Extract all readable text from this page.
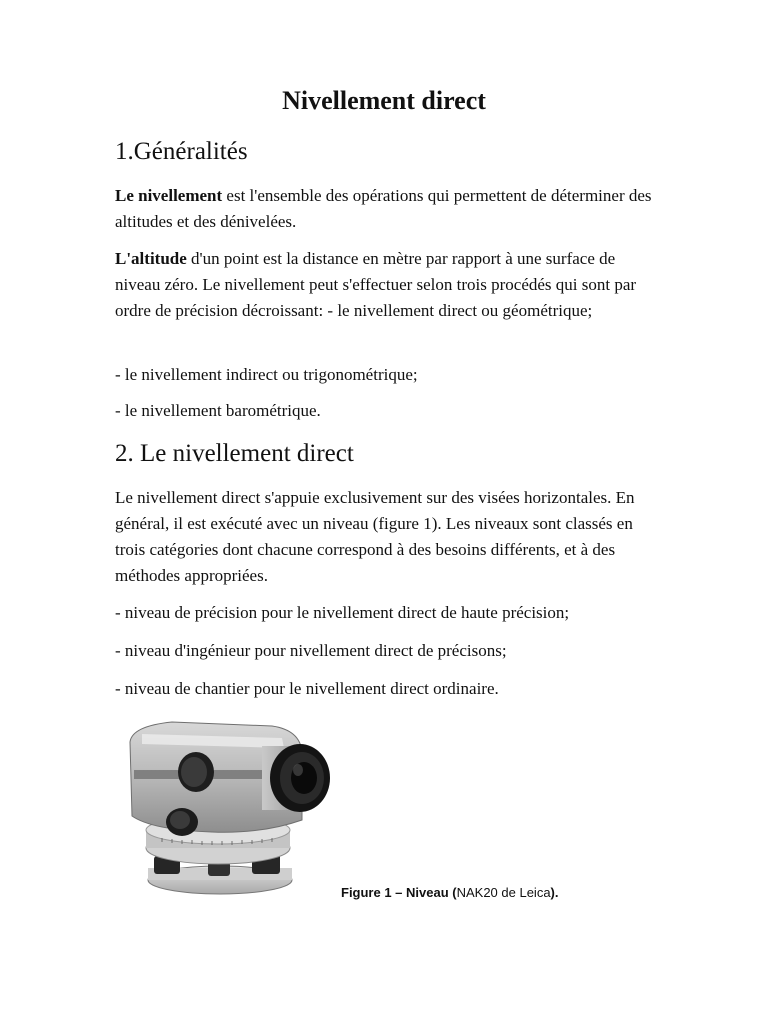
Nivellement direct
1.Généralités

Le nivellement est l'ensemble des opérations qui permettent de déterminer des altitudes et des dénivelées.

L'altitude d'un point est la distance en mètre par rapport à une surface de niveau zéro. Le nivellement peut s'effectuer selon trois procédés qui sont par ordre de précision décroissant: - le nivellement direct ou géométrique;

- le nivellement indirect ou trigonométrique;

- le nivellement barométrique.

2. Le nivellement direct

Le nivellement direct s'appuie exclusivement sur des visées horizontales. En général, il est exécuté avec un niveau (figure 1). Les niveaux sont classés en trois catégories dont chacune correspond à des besoins différents, et à des méthodes appropriées.

- niveau de précision pour le nivellement direct de haute précision;

- niveau d'ingénieur pour nivellement direct de précisons;

- niveau de chantier pour le nivellement direct ordinaire.

Figure 1 – Niveau (NAK20 de Leica).
